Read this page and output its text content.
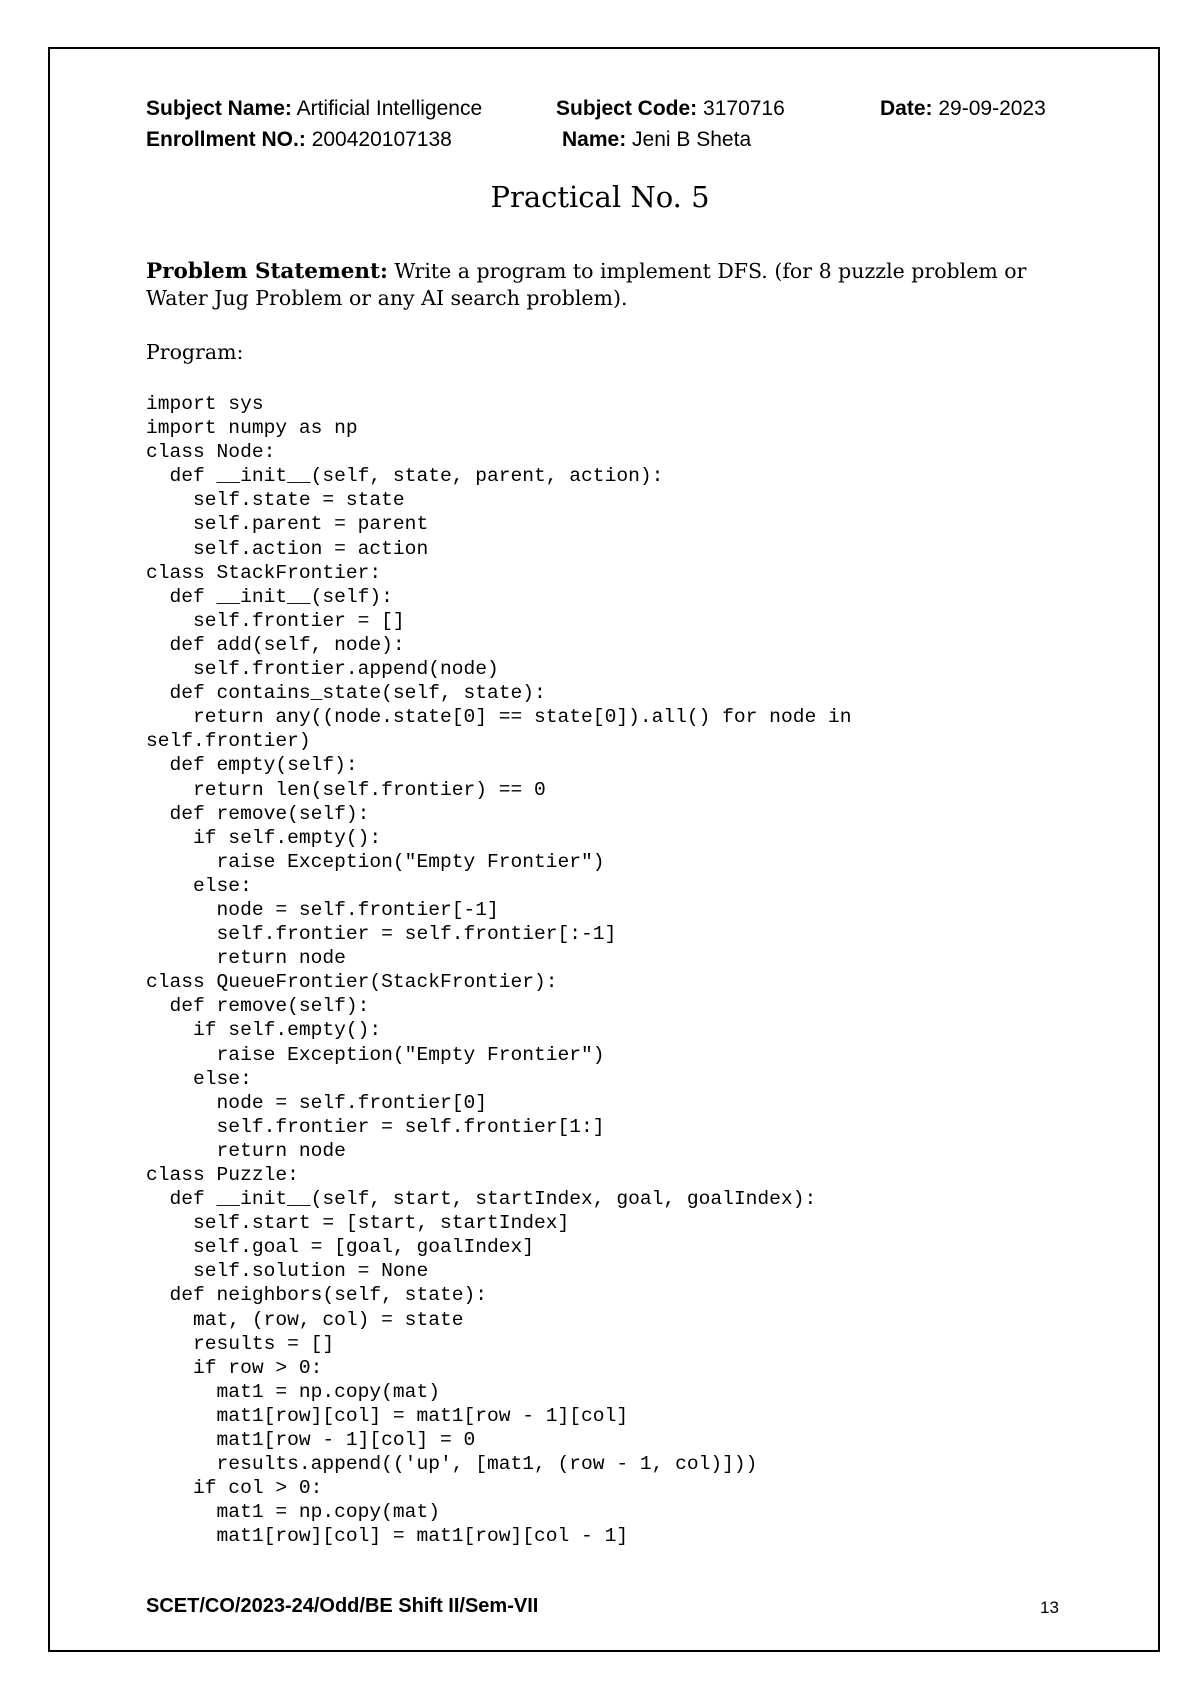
Subject Name: Artificial Intelligence	Subject Code: 3170716	Date: 29-09-2023
Enrollment NO.: 200420107138	Name: Jeni B Sheta
Practical No. 5
Problem Statement: Write a program to implement DFS. (for 8 puzzle problem or Water Jug Problem or any AI search problem).
Program:
import sys
import numpy as np
class Node:
def __init__(self, state, parent, action):
self.state = state
self.parent = parent
self.action = action
class StackFrontier:
def __init__(self):
self.frontier = []
def add(self, node):
self.frontier.append(node)
def contains_state(self, state):
return any((node.state[0] == state[0]).all() for node in
self.frontier)
def empty(self):
return len(self.frontier) == 0
def remove(self):
if self.empty():
raise Exception("Empty Frontier")
else:
node = self.frontier[-1]
self.frontier = self.frontier[:-1]
return node
class QueueFrontier(StackFrontier):
def remove(self):
if self.empty():
raise Exception("Empty Frontier")
else:
node = self.frontier[0]
self.frontier = self.frontier[1:]
return node
class Puzzle:
def __init__(self, start, startIndex, goal, goalIndex):
self.start = [start, startIndex]
self.goal = [goal, goalIndex]
self.solution = None
def neighbors(self, state):
mat, (row, col) = state
results = []
if row > 0:
mat1 = np.copy(mat)
mat1[row][col] = mat1[row - 1][col]
mat1[row - 1][col] = 0
results.append(('up', [mat1, (row - 1, col)]))
if col > 0:
mat1 = np.copy(mat)
mat1[row][col] = mat1[row][col - 1]
SCET/CO/2023-24/Odd/BE Shift II/Sem-VII	13
